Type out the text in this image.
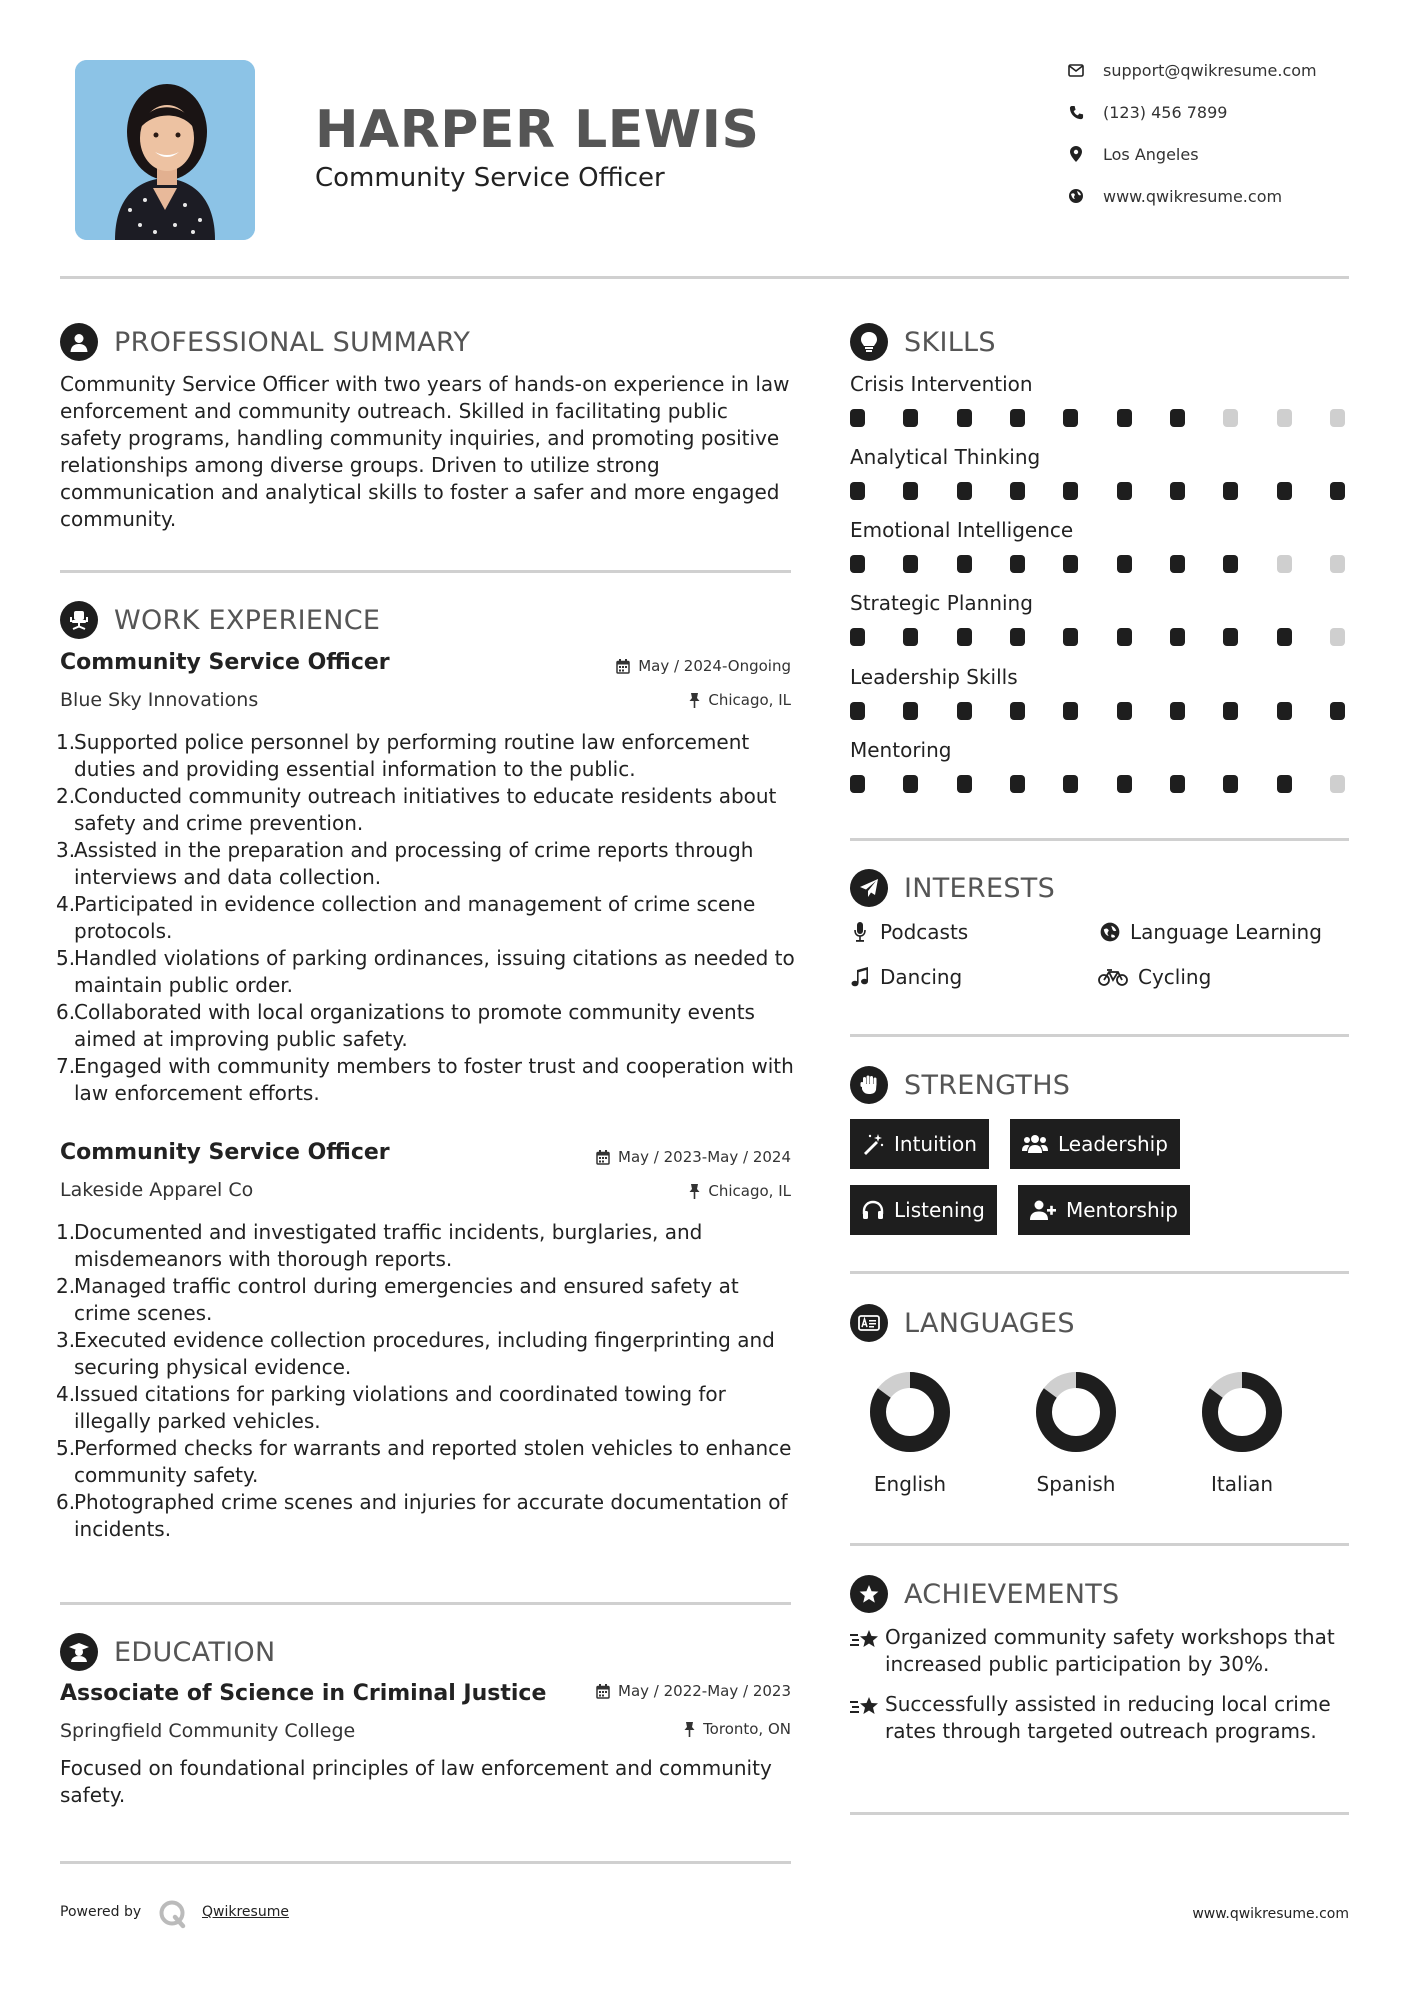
HARPER LEWIS
Community Service Officer
support@qwikresume.com
(123) 456 7899
Los Angeles
www.qwikresume.com
PROFESSIONAL SUMMARY
Community Service Officer with two years of hands-on experience in law enforcement and community outreach. Skilled in facilitating public safety programs, handling community inquiries, and promoting positive relationships among diverse groups. Driven to utilize strong communication and analytical skills to foster a safer and more engaged community.
WORK EXPERIENCE
Community Service Officer	May / 2024-Ongoing
Blue Sky Innovations	Chicago, IL
1.
Supported police personnel by performing routine law enforcement duties and providing essential information to the public.
2.
Conducted community outreach initiatives to educate residents about safety and crime prevention.
3.
Assisted in the preparation and processing of crime reports through interviews and data collection.
4.
Participated in evidence collection and management of crime scene protocols.
5.
Handled violations of parking ordinances, issuing citations as needed to maintain public order.
6.
Collaborated with local organizations to promote community events aimed at improving public safety.
7.
Engaged with community members to foster trust and cooperation with law enforcement efforts.
Community Service Officer	May / 2023-May / 2024
Lakeside Apparel Co	Chicago, IL
1.
Documented and investigated traffic incidents, burglaries, and misdemeanors with thorough reports.
2.
Managed traffic control during emergencies and ensured safety at crime scenes.
3.
Executed evidence collection procedures, including fingerprinting and securing physical evidence.
4.
Issued citations for parking violations and coordinated towing for illegally parked vehicles.
5.
Performed checks for warrants and reported stolen vehicles to enhance community safety.
6.
Photographed crime scenes and injuries for accurate documentation of incidents.
EDUCATION
Associate of Science in Criminal Justice	May / 2022-May / 2023
Springfield Community College	Toronto, ON
Focused on foundational principles of law enforcement and community safety.
SKILLS
Crisis Intervention
Analytical Thinking
Emotional Intelligence
Strategic Planning
Leadership Skills
Mentoring
INTERESTS
Podcasts	Language Learning
Dancing	Cycling
STRENGTHS
Intuition	Leadership
Listening	Mentorship
LANGUAGES
English	Spanish	Italian
ACHIEVEMENTS
Organized community safety workshops that increased public participation by 30%.
Successfully assisted in reducing local crime rates through targeted outreach programs.
Powered by	Qwikresume	www.qwikresume.com
